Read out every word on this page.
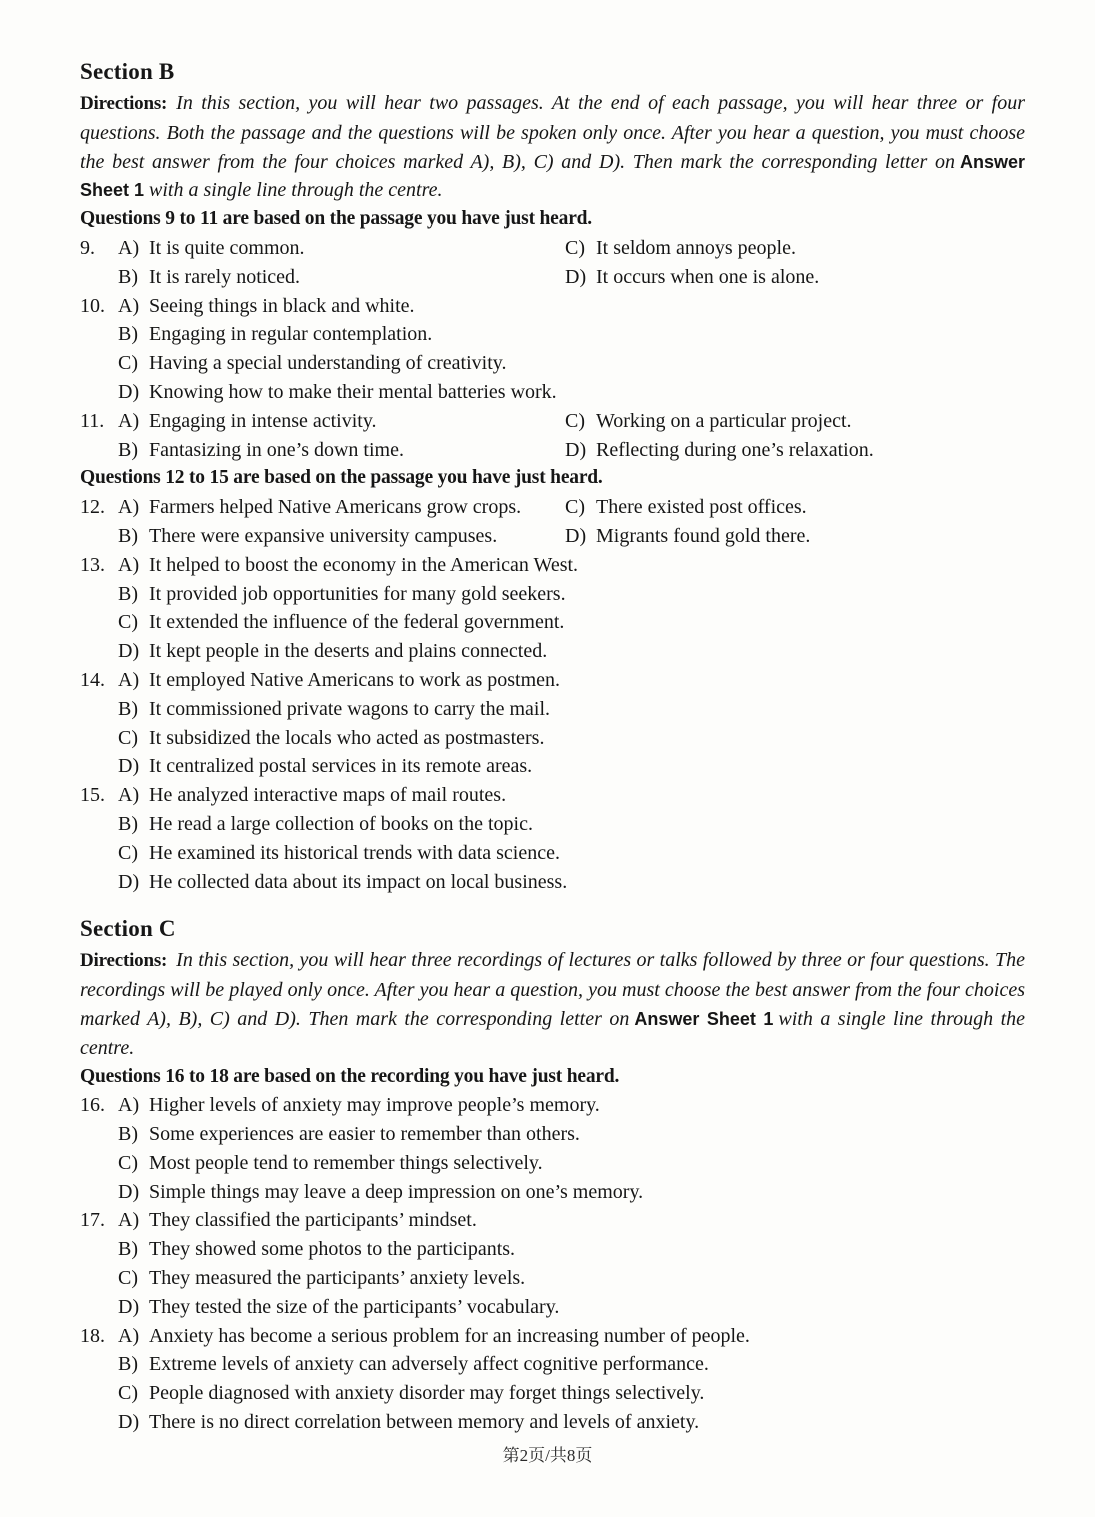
Section B

Directions: In this section, you will hear two passages. At the end of each passage, you will hear three or four questions. Both the passage and the questions will be spoken only once. After you hear a question, you must choose the best answer from the four choices marked A), B), C) and D). Then mark the corresponding letter on Answer Sheet 1 with a single line through the centre.

Questions 9 to 11 are based on the passage you have just heard.
9.	A) It is quite common.	C) It seldom annoys people.
B) It is rarely noticed.	D) It occurs when one is alone.
10. A) Seeing things in black and white.
B) Engaging in regular contemplation.
C) Having a special understanding of creativity.
D) Knowing how to make their mental batteries work.
11. A) Engaging in intense activity.	C) Working on a particular project.
B) Fantasizing in one’s down time.	D) Reflecting during one’s relaxation.
Questions 12 to 15 are based on the passage you have just heard.
12. A) Farmers helped Native Americans grow crops.	C) There existed post offices.
B) There were expansive university campuses.	D) Migrants found gold there.
13. A) It helped to boost the economy in the American West.
B) It provided job opportunities for many gold seekers.
C) It extended the influence of the federal government.
D) It kept people in the deserts and plains connected.
14. A) It employed Native Americans to work as postmen.
B) It commissioned private wagons to carry the mail.
C) It subsidized the locals who acted as postmasters.
D) It centralized postal services in its remote areas.
15. A) He analyzed interactive maps of mail routes.
B) He read a large collection of books on the topic.
C) He examined its historical trends with data science.
D) He collected data about its impact on local business.
Section C

Directions: In this section, you will hear three recordings of lectures or talks followed by three or four questions. The recordings will be played only once. After you hear a question, you must choose the best answer from the four choices marked A), B), C) and D). Then mark the corresponding letter on Answer Sheet 1 with a single line through the centre.

Questions 16 to 18 are based on the recording you have just heard.
16. A) Higher levels of anxiety may improve people’s memory.
B) Some experiences are easier to remember than others.
C) Most people tend to remember things selectively.
D) Simple things may leave a deep impression on one’s memory.
17. A) They classified the participants’ mindset.
B) They showed some photos to the participants.
C) They measured the participants’ anxiety levels.
D) They tested the size of the participants’ vocabulary.
18. A) Anxiety has become a serious problem for an increasing number of people.
B) Extreme levels of anxiety can adversely affect cognitive performance.
C) People diagnosed with anxiety disorder may forget things selectively.
D) There is no direct correlation between memory and levels of anxiety.
第2页/共8页
